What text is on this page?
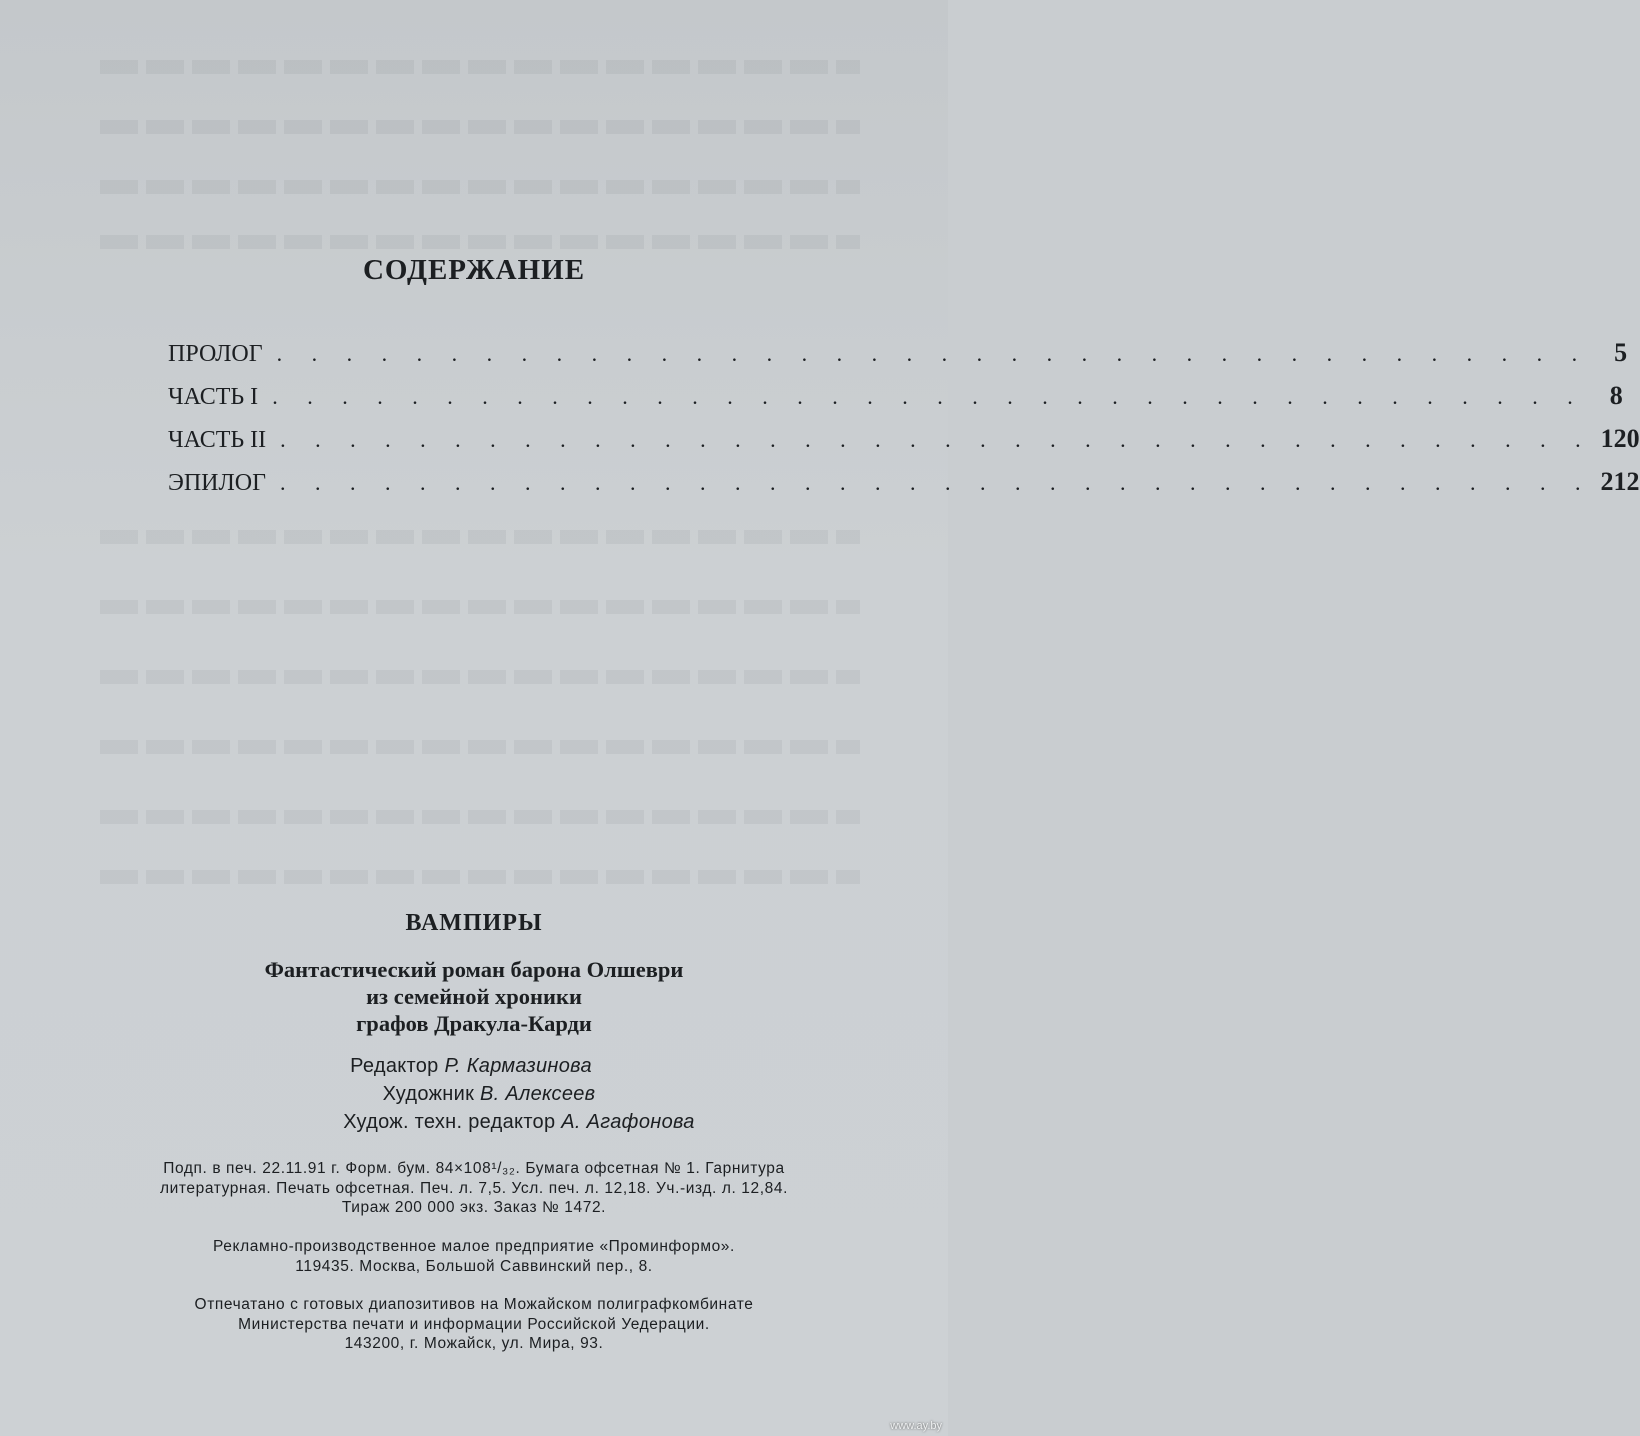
СОДЕРЖАНИЕ
ПРОЛОГ . . . . . . . . . . . . . . . . . . . . . . . . . . . . . . . . . . . . . . 5
ЧАСТЬ I . . . . . . . . . . . . . . . . . . . . . . . . . . . . . . . . . . . . . . 8
ЧАСТЬ II . . . . . . . . . . . . . . . . . . . . . . . . . . . . . . . . . . . . . . 120
ЭПИЛОГ . . . . . . . . . . . . . . . . . . . . . . . . . . . . . . . . . . . . . . 212
ВАМПИРЫ
Фантастический роман барона Олшеври
из семейной хроники
графов Дракула-Карди
Редактор Р. Кармазинова
Художник В. Алексеев
Худож. техн. редактор А. Агафонова
Подп. в печ. 22.11.91 г. Форм. бум. 84×108¹/₃₂. Бумага офсетная № 1. Гарнитура
литературная. Печать офсетная. Печ. л. 7,5. Усл. печ. л. 12,18. Уч.-изд. л. 12,84.
Тираж 200 000 экз. Заказ № 1472.
Рекламно-производственное малое предприятие «Проминформо».
119435. Москва, Большой Саввинский пер., 8.
Отпечатано с готовых диапозитивов на Можайском полиграфкомбинате
Министерства печати и информации Российской Уедерации.
143200, г. Можайск, ул. Мира, 93.
www.ay.by
